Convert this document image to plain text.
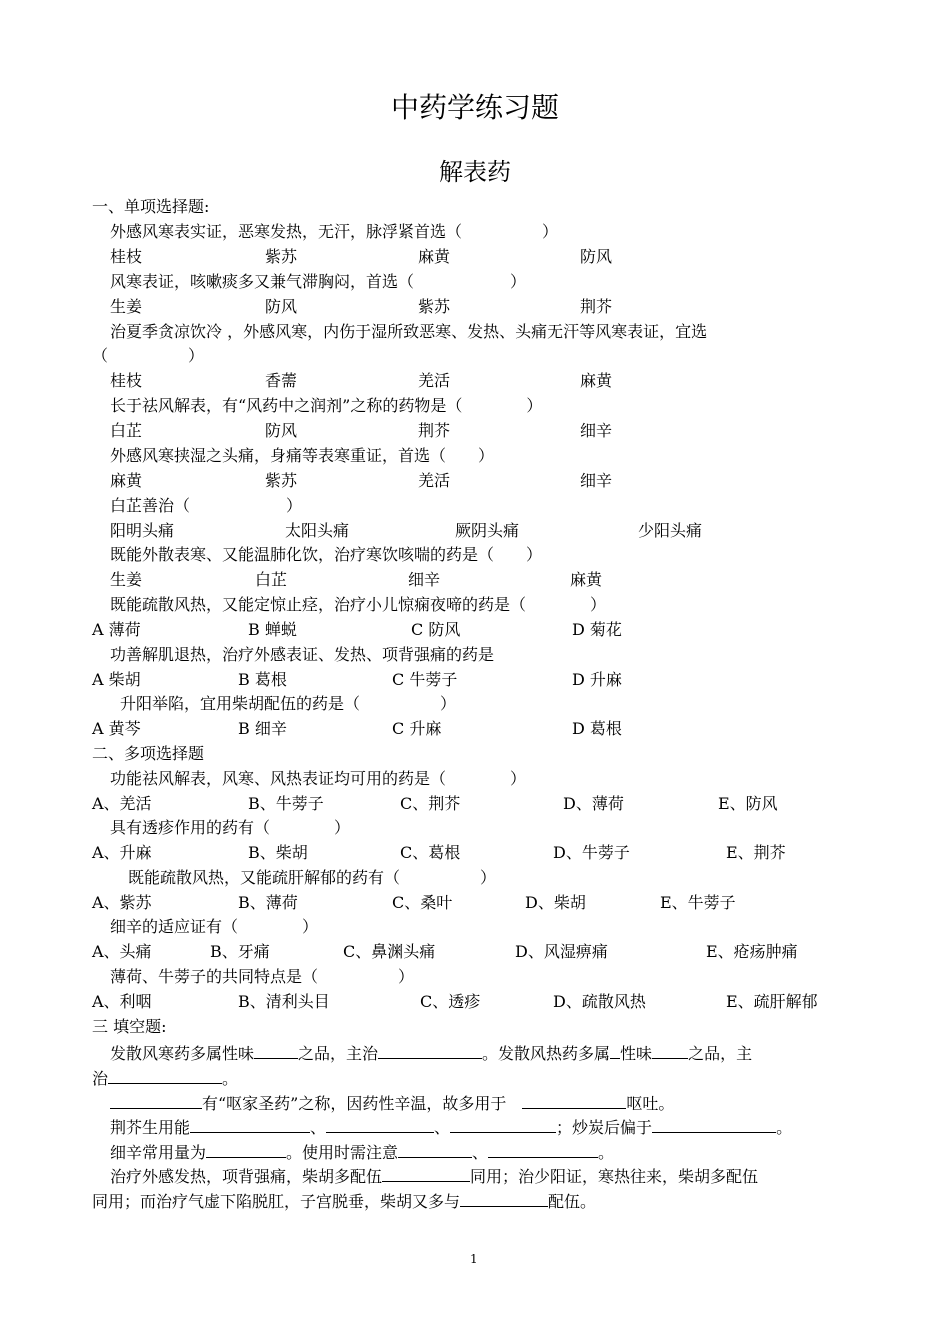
中药学练习题
解表药
一、单项选择题:
外感风寒表实证，恶寒发热，无汗，脉浮紧首选（　　　　　）
桂枝	紫苏	麻黄	防风
风寒表证，咳嗽痰多又兼气滞胸闷，首选（　　　　　　）
生姜	防风	紫苏	荆芥
治夏季贪凉饮冷 ，外感风寒，内伤于湿所致恶寒、发热、头痛无汗等风寒表证，宜选
（　　　　　）
桂枝	香薷	羌活	麻黄
长于祛风解表，有“风药中之润剂”之称的药物是（　　　　）
白芷	防风	荆芥	细辛
外感风寒挟湿之头痛，身痛等表寒重证，首选（　　）
麻黄	紫苏	羌活	细辛
白芷善治（　　　　　　）
阳明头痛	太阳头痛	厥阴头痛	少阳头痛
既能外散表寒、又能温肺化饮，治疗寒饮咳喘的药是（　　）
生姜	白芷	细辛	麻黄
既能疏散风热，又能定惊止痉，治疗小儿惊痫夜啼的药是（　　　　）
A 薄荷	B 蝉蜕	C 防风	D 菊花
功善解肌退热，治疗外感表证、发热、项背强痛的药是
A 柴胡	B 葛根	C 牛蒡子	D 升麻
升阳举陷，宜用柴胡配伍的药是（　　　　　）
A 黄芩	B 细辛	C 升麻	D 葛根
二、多项选择题
功能祛风解表，风寒、风热表证均可用的药是（　　　　）
A、羌活	B、牛蒡子	C、荆芥	D、薄荷	E、防风
具有透疹作用的药有（　　　　）
A、升麻	B、柴胡	C、葛根	D、牛蒡子	E、荆芥
既能疏散风热，又能疏肝解郁的药有（　　　　　）
A、紫苏	B、薄荷	C、桑叶	D、柴胡	E、牛蒡子
细辛的适应证有（　　　　）
A、头痛	B、牙痛	C、鼻渊头痛	D、风湿痹痛	E、疮疡肿痛
薄荷、牛蒡子的共同特点是（　　　　　）
A、利咽	B、清利头目	C、透疹	D、疏散风热	E、疏肝解郁
三 填空题:
发散风寒药多属性味	之品，主治	。发散风热药多属 性味 之品，主
治	。
有“呕家圣药”之称，因药性辛温，故多用于　	呕吐。
荆芥生用能	、	、	；炒炭后偏于	。
细辛常用量为	。使用时需注意	、	。
治疗外感发热，项背强痛，柴胡多配伍	同用；治少阳证，寒热往来，柴胡多配伍
同用；而治疗气虚下陷脱肛，子宫脱垂，柴胡又多与	配伍。
1
